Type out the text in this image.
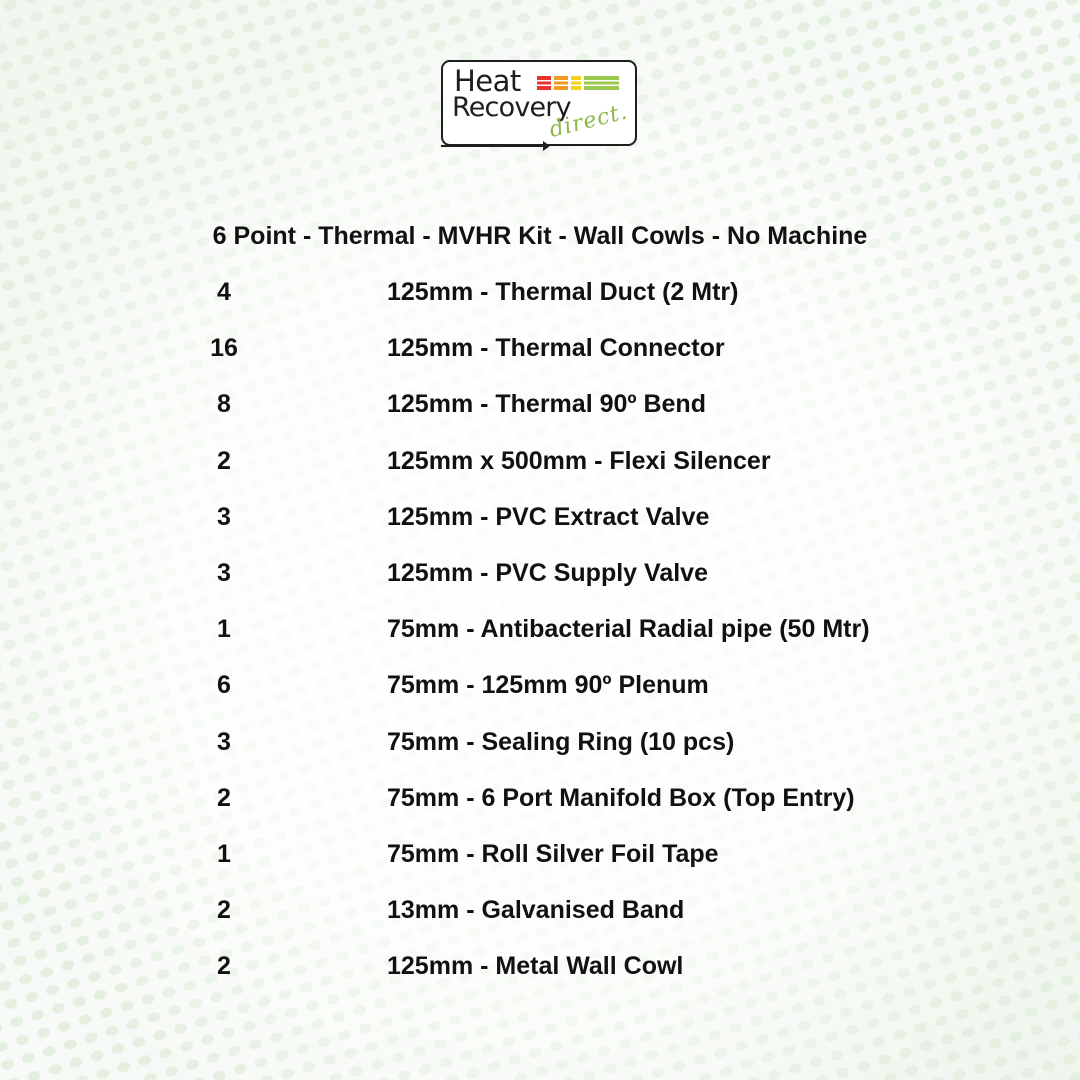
Heat
Recovery
direct.
6 Point - Thermal - MVHR Kit - Wall Cowls - No Machine
4	125mm - Thermal Duct (2 Mtr)
16	125mm - Thermal Connector
8	125mm - Thermal 90º Bend
2	125mm x 500mm - Flexi Silencer
3	125mm - PVC Extract Valve
3	125mm - PVC Supply Valve
1	75mm - Antibacterial Radial pipe (50 Mtr)
6	75mm - 125mm 90º Plenum
3	75mm - Sealing Ring (10 pcs)
2	75mm - 6 Port Manifold Box (Top Entry)
1	75mm - Roll Silver Foil Tape
2	13mm - Galvanised Band
2	125mm - Metal Wall Cowl
